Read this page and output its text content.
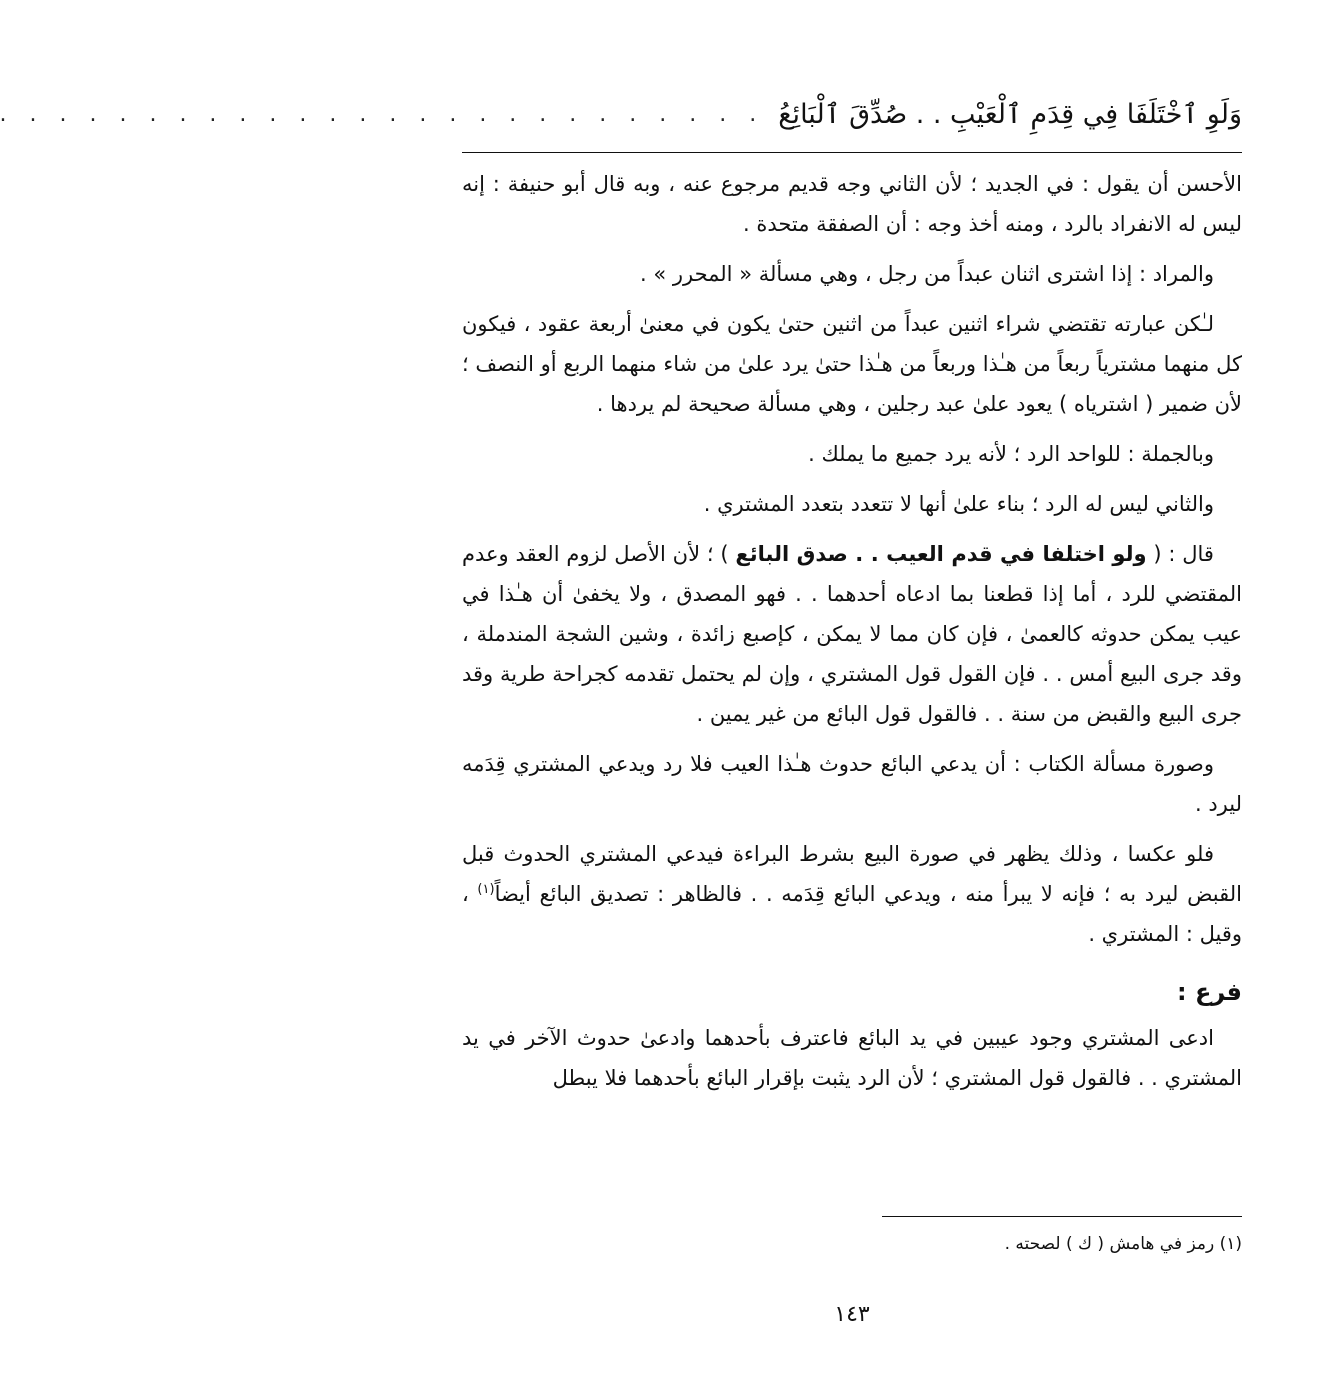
وَلَوِ ٱخْتَلَفَا فِي قِدَمِ ٱلْعَيْبِ . . صُدِّقَ ٱلْبَائِعُ
. . . . . . . . . . . . . . . . . . . . . . . . . .

الأحسن أن يقول : في الجديد ؛ لأن الثاني وجه قديم مرجوع عنه ، وبه قال أبو حنيفة : إنه ليس له الانفراد بالرد ، ومنه أخذ وجه : أن الصفقة متحدة .

والمراد : إذا اشترى اثنان عبداً من رجل ، وهي مسألة « المحرر » .

لـٰكن عبارته تقتضي شراء اثنين عبداً من اثنين حتىٰ يكون في معنىٰ أربعة عقود ، فيكون كل منهما مشترياً ربعاً من هـٰذا وربعاً من هـٰذا حتىٰ يرد علىٰ من شاء منهما الربع أو النصف ؛ لأن ضمير ( اشترياه ) يعود علىٰ عبد رجلين ، وهي مسألة صحيحة لم يردها .

وبالجملة : للواحد الرد ؛ لأنه يرد جميع ما يملك .

والثاني ليس له الرد ؛ بناء علىٰ أنها لا تتعدد بتعدد المشتري .

قال : ( ولو اختلفا في قدم العيب . . صدق البائع ) ؛ لأن الأصل لزوم العقد وعدم المقتضي للرد ، أما إذا قطعنا بما ادعاه أحدهما . . فهو المصدق ، ولا يخفىٰ أن هـٰذا في عيب يمكن حدوثه كالعمىٰ ، فإن كان مما لا يمكن ، كإصبع زائدة ، وشين الشجة المندملة ، وقد جرى البيع أمس . . فإن القول قول المشتري ، وإن لم يحتمل تقدمه كجراحة طرية وقد جرى البيع والقبض من سنة . . فالقول قول البائع من غير يمين .

وصورة مسألة الكتاب : أن يدعي البائع حدوث هـٰذا العيب فلا رد ويدعي المشتري قِدَمه ليرد .

فلو عكسا ، وذلك يظهر في صورة البيع بشرط البراءة فيدعي المشتري الحدوث قبل القبض ليرد به ؛ فإنه لا يبرأ منه ، ويدعي البائع قِدَمه . . فالظاهر : تصديق البائع أيضاً$^{(١)}$ ، وقيل : المشتري .

فرع :

ادعى المشتري وجود عيبين في يد البائع فاعترف بأحدهما وادعىٰ حدوث الآخر في يد المشتري . . فالقول قول المشتري ؛ لأن الرد يثبت بإقرار البائع بأحدهما فلا يبطل

(١) رمز في هامش ( ك ) لصحته .
١٤٣
